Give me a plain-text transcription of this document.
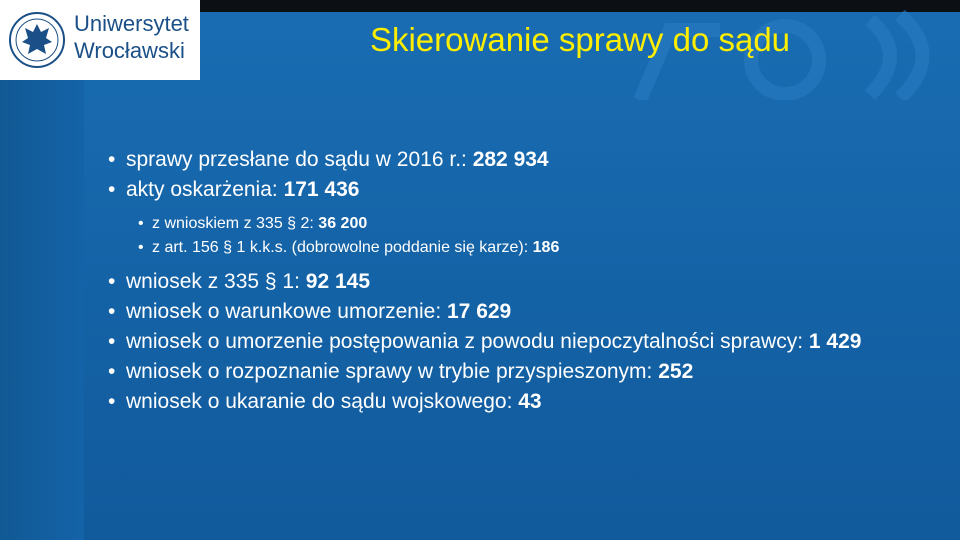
Uniwersytet
Wrocławski	Skierowanie sprawy do sądu
• sprawy przesłane do sądu w 2016 r.: 282 934
• akty oskarżenia: 171 436
• z wnioskiem z 335 § 2: 36 200
• z art. 156 § 1 k.k.s. (dobrowolne poddanie się karze): 186
• wniosek z 335 § 1: 92 145
• wniosek o warunkowe umorzenie: 17 629
• wniosek o umorzenie postępowania z powodu niepoczytalności sprawcy: 1 429
• wniosek o rozpoznanie sprawy w trybie przyspieszonym: 252
• wniosek o ukaranie do sądu wojskowego: 43
